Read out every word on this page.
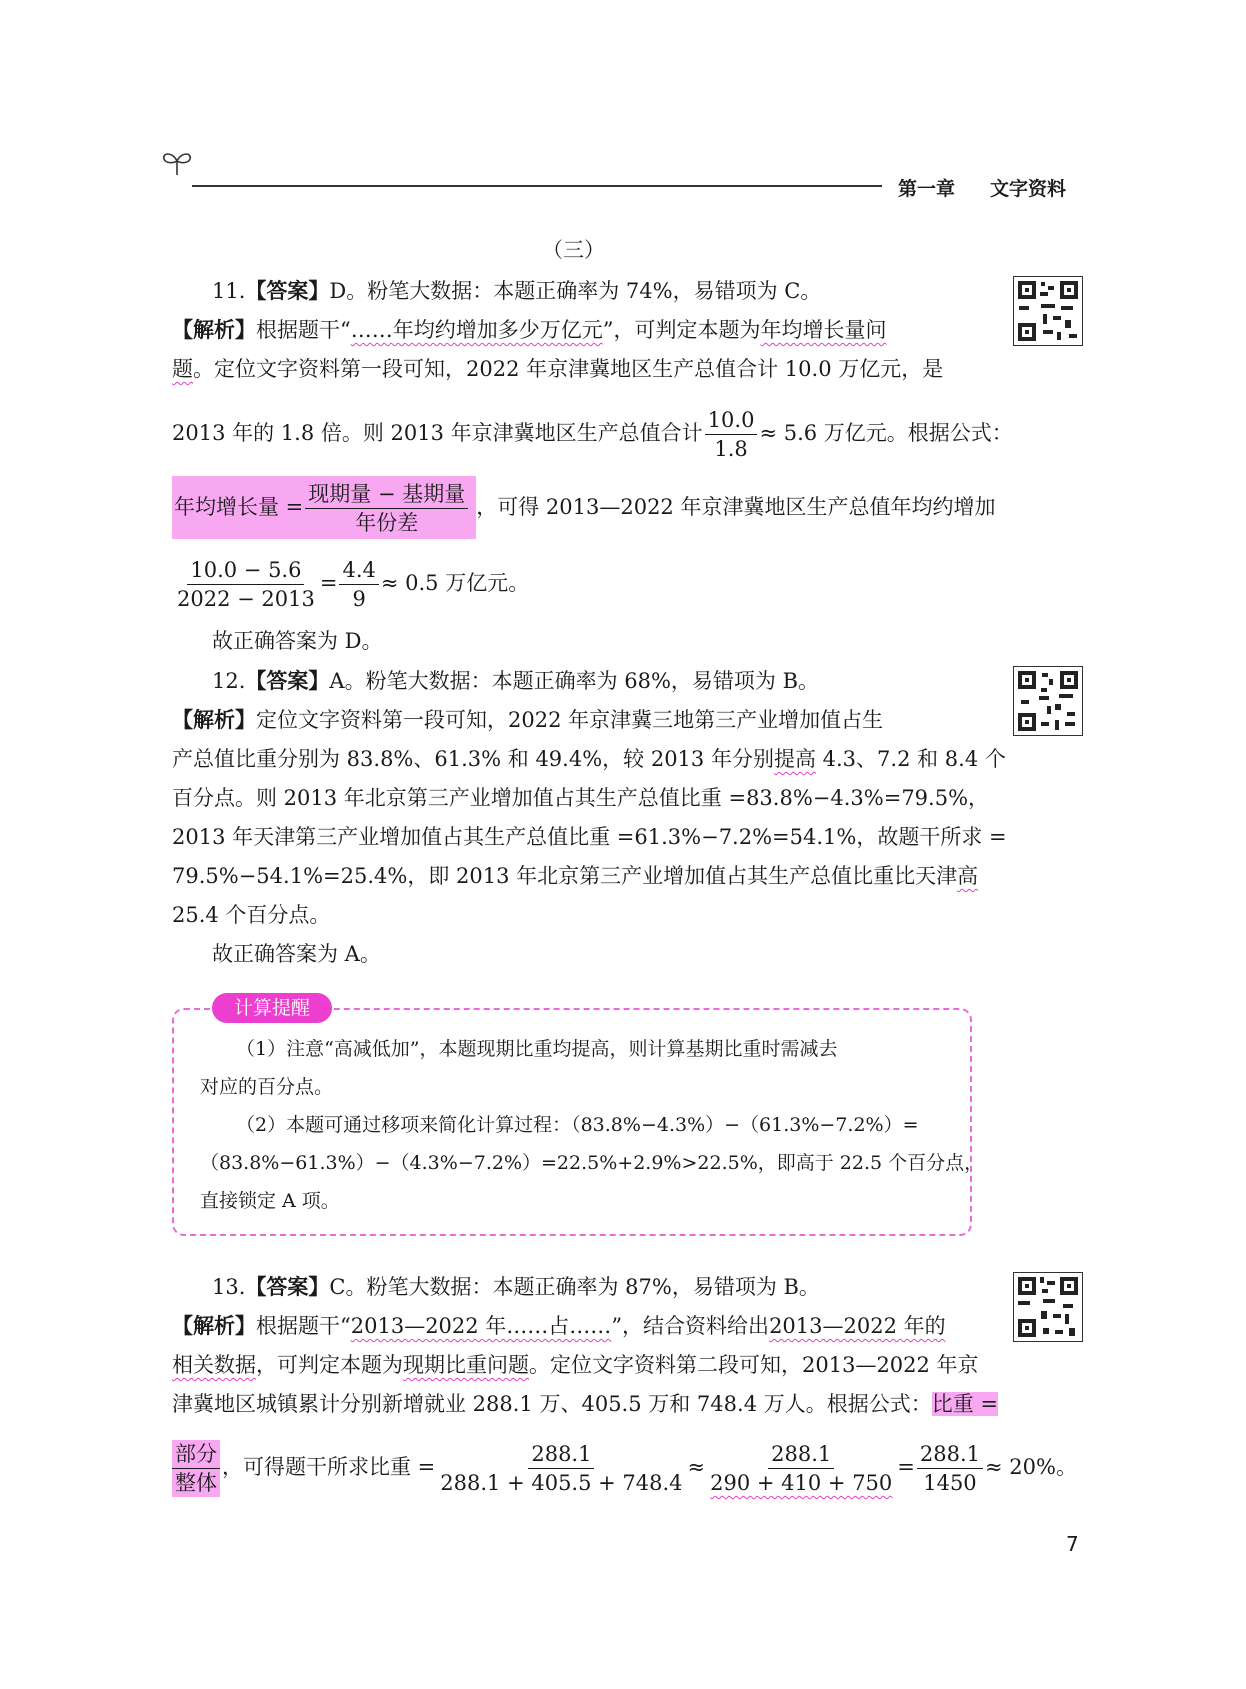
第一章 文字资料
（三）
11.【答案】D。粉笔大数据：本题正确率为 74%，易错项为 C。
【解析】根据题干“……年均约增加多少万亿元”，可判定本题为年均增长量问
题。定位文字资料第一段可知，2022 年京津冀地区生产总值合计 10.0 万亿元，是
2013 年的 1.8 倍。则 2013 年京津冀地区生产总值合计 $\frac{10.0}{1.8} \approx 5.6$ 万亿元。根据公式：
年均增长量 = $\frac{\text{现期量 − 基期量}}{\text{年份差}}$ ，可得 2013—2022 年京津冀地区生产总值年均约增加
$\frac{10.0 - 5.6}{2022 - 2013} = \frac{4.4}{9} \approx 0.5$ 万亿元。
故正确答案为 D。
12.【答案】A。粉笔大数据：本题正确率为 68%，易错项为 B。
【解析】定位文字资料第一段可知，2022 年京津冀三地第三产业增加值占生
产总值比重分别为 83.8%、61.3% 和 49.4%，较 2013 年分别提高 4.3、7.2 和 8.4 个
百分点。则 2013 年北京第三产业增加值占其生产总值比重 =83.8%−4.3%=79.5%，
2013 年天津第三产业增加值占其生产总值比重 =61.3%−7.2%=54.1%，故题干所求 =
79.5%−54.1%=25.4%，即 2013 年北京第三产业增加值占其生产总值比重比天津高
25.4 个百分点。
故正确答案为 A。
计算提醒
（1）注意“高减低加”，本题现期比重均提高，则计算基期比重时需减去
对应的百分点。
（2）本题可通过移项来简化计算过程：（83.8%−4.3%）−（61.3%−7.2%）=
（83.8%−61.3%）−（4.3%−7.2%）=22.5%+2.9%>22.5%，即高于 22.5 个百分点，
直接锁定 A 项。
13.【答案】C。粉笔大数据：本题正确率为 87%，易错项为 B。
【解析】根据题干“2013—2022 年……占……”，结合资料给出2013—2022 年的
相关数据，可判定本题为现期比重问题。定位文字资料第二段可知，2013—2022 年京
津冀地区城镇累计分别新增就业 288.1 万、405.5 万和 748.4 万人。根据公式：比重 =
$\frac{\text{部分}}{\text{整体}}$ ，可得题干所求比重 = $\frac{288.1}{288.1 + 405.5 + 748.4} \approx \frac{288.1}{290 + 410 + 750} = \frac{288.1}{1450} \approx 20\%$。
7
